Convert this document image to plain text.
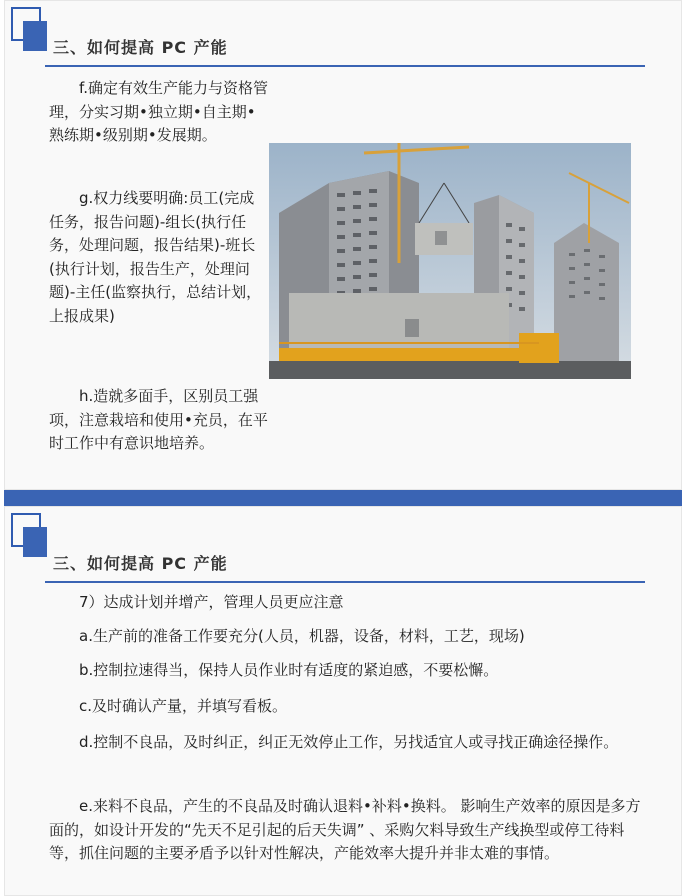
三、如何提高 PC 产能

f.确定有效生产能力与资格管理，分实习期•独立期•自主期•熟练期•级别期•发展期。

g.权力线要明确:员工(完成任务，报告问题)-组长(执行任务，处理问题，报告结果)-班长(执行计划，报告生产，处理问题)-主任(监察执行，总结计划，上报成果)

h.造就多面手，区别员工强项，注意栽培和使用•充员，在平时工作中有意识地培养。

三、如何提高 PC 产能

7）达成计划并增产，管理人员更应注意

a.生产前的准备工作要充分(人员，机器，设备，材料，工艺，现场)

b.控制拉速得当，保持人员作业时有适度的紧迫感，不要松懈。

c.及时确认产量，并填写看板。

d.控制不良品，及时纠正，纠正无效停止工作，另找适宜人或寻找正确途径操作。

e.来料不良品，产生的不良品及时确认退料•补料•换料。 影响生产效率的原因是多方面的，如设计开发的“先天不足引起的后天失调” 、采购欠料导致生产线换型或停工待料等，抓住问题的主要矛盾予以针对性解决，产能效率大提升并非太难的事情。
